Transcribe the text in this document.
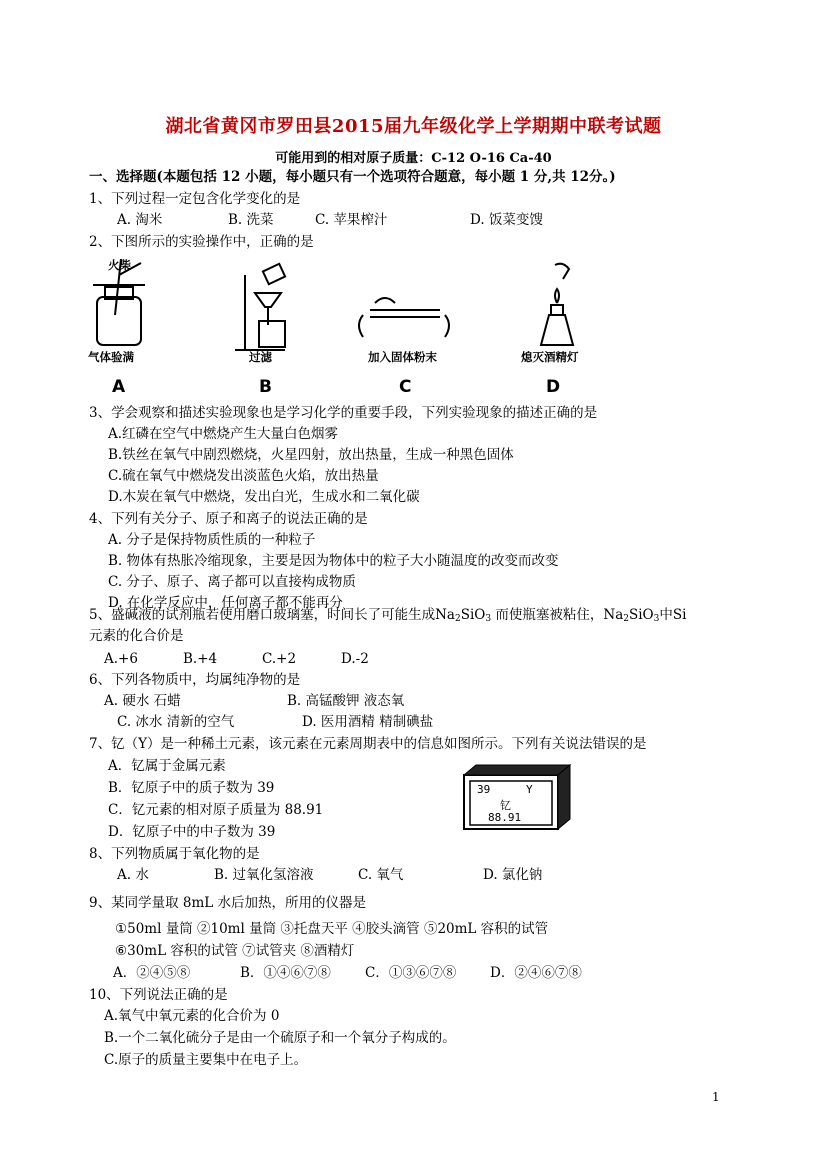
湖北省黄冈市罗田县2015届九年级化学上学期期中联考试题
可能用到的相对原子质量：C-12 O-16 Ca-40
一、选择题(本题包括 12 小题，每小题只有一个选项符合题意，每小题 1 分,共 12分。)
1、下列过程一定包含化学变化的是
A. 淘米	B. 洗菜	C. 苹果榨汁	D. 饭菜变馊
2、下图所示的实验操作中，正确的是
火柴
气体验满	过滤	加入固体粉末	熄灭酒精灯
A	B	C	D
3、学会观察和描述实验现象也是学习化学的重要手段，下列实验现象的描述正确的是
A.红磷在空气中燃烧产生大量白色烟雾
B.铁丝在氧气中剧烈燃烧，火星四射，放出热量，生成一种黑色固体
C.硫在氧气中燃烧发出淡蓝色火焰，放出热量
D.木炭在氧气中燃烧，发出白光，生成水和二氧化碳
4、下列有关分子、原子和离子的说法正确的是
A. 分子是保持物质性质的一种粒子
B. 物体有热胀冷缩现象，主要是因为物体中的粒子大小随温度的改变而改变
C. 分子、原子、离子都可以直接构成物质
D. 在化学反应中，任何离子都不能再分
5、盛碱液的试剂瓶若使用磨口玻璃塞，时间长了可能生成$Na_2SiO_3$ 而使瓶塞被粘住，$Na_2SiO_3$中Si
元素的化合价是
A.+6	B.+4	C.+2	D.-2
6、下列各物质中，均属纯净物的是
A. 硬水 石蜡	B. 高锰酸钾 液态氧
C. 冰水 清新的空气	D. 医用酒精 精制碘盐
7、钇（Y）是一种稀土元素，该元素在元素周期表中的信息如图所示。下列有关说法错误的是
A．钇属于金属元素
B．钇原子中的质子数为 39
C．钇元素的相对原子质量为 88.91
D．钇原子中的中子数为 39
39	Y
钇
88.91
8、下列物质属于氧化物的是
A. 水	B. 过氧化氢溶液	C. 氧气	D. 氯化钠
9、某同学量取 8mL 水后加热，所用的仪器是
①50ml 量筒 ②10ml 量筒 ③托盘天平 ④胶头滴管 ⑤20mL 容积的试管
⑥30mL 容积的试管 ⑦试管夹 ⑧酒精灯
A．②④⑤⑧	B．①④⑥⑦⑧	C．①③⑥⑦⑧ D．②④⑥⑦⑧
10、下列说法正确的是
A.氧气中氧元素的化合价为 0
B.一个二氧化硫分子是由一个硫原子和一个氧分子构成的。
C.原子的质量主要集中在电子上。
1
